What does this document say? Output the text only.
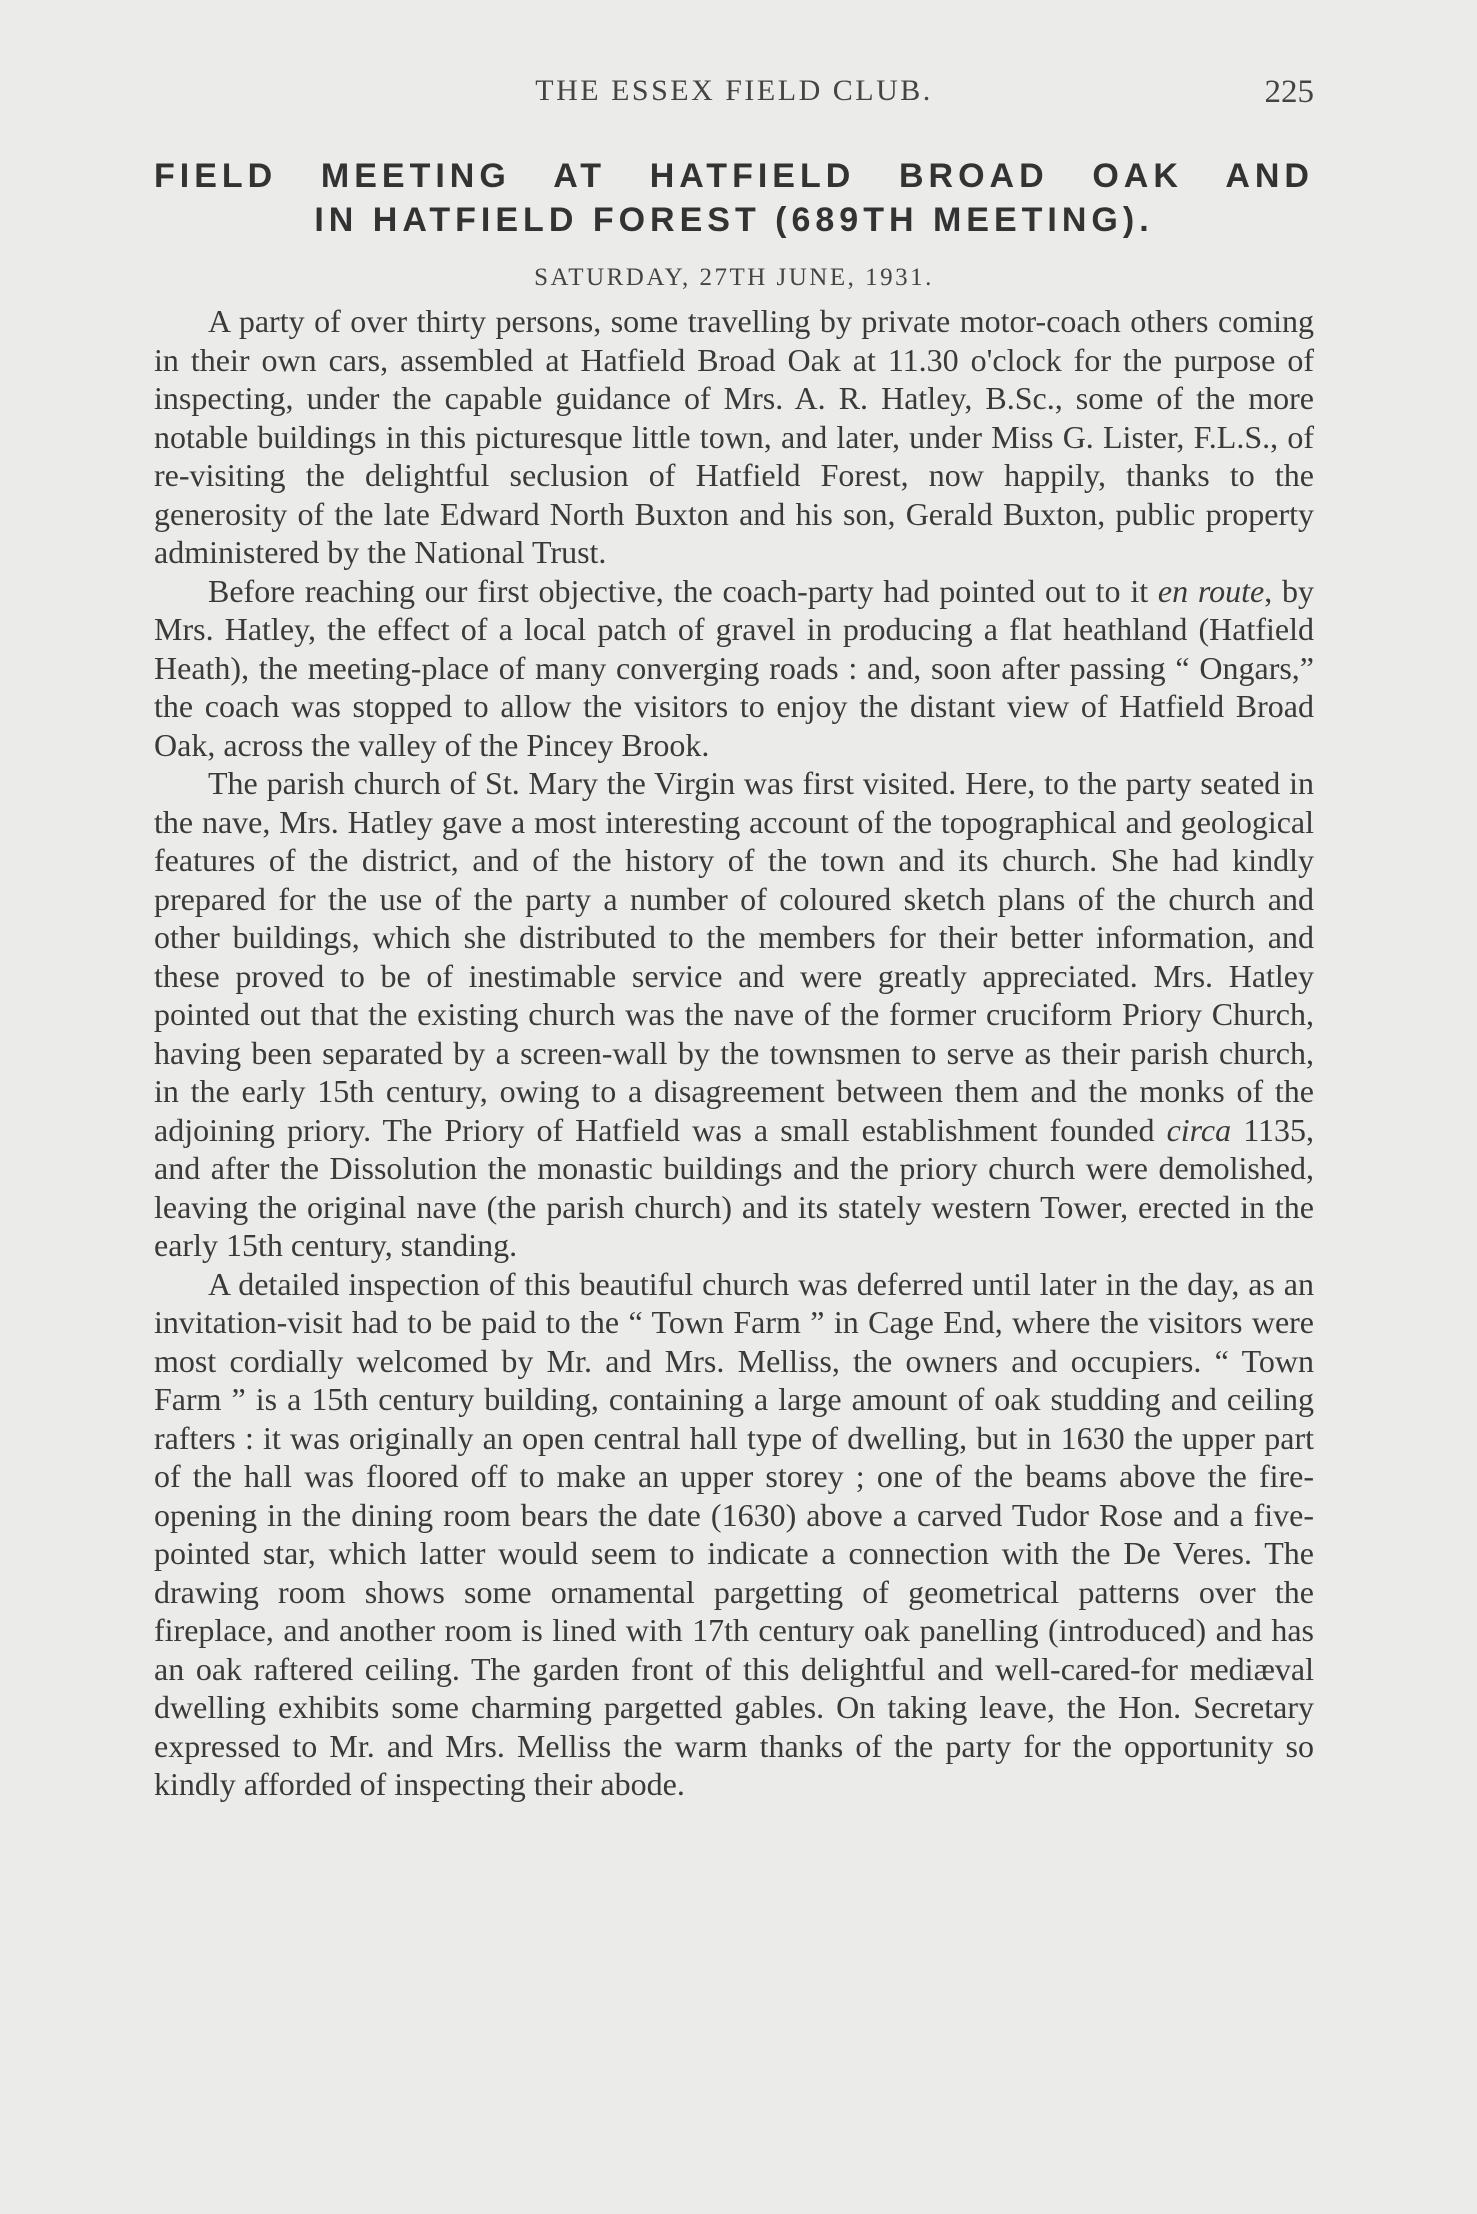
THE ESSEX FIELD CLUB.	225
FIELD MEETING AT HATFIELD BROAD OAK AND
IN HATFIELD FOREST (689TH MEETING).
SATURDAY, 27TH JUNE, 1931.

A party of over thirty persons, some travelling by private motor-coach others coming in their own cars, assembled at Hatfield Broad Oak at 11.30 o'clock for the purpose of inspecting, under the capable guidance of Mrs. A. R. Hatley, B.Sc., some of the more notable buildings in this picturesque little town, and later, under Miss G. Lister, F.L.S., of re-visiting the delightful seclusion of Hatfield Forest, now happily, thanks to the generosity of the late Edward North Buxton and his son, Gerald Buxton, public property administered by the National Trust.

Before reaching our first objective, the coach-party had pointed out to it en route, by Mrs. Hatley, the effect of a local patch of gravel in producing a flat heathland (Hatfield Heath), the meeting-place of many converging roads : and, soon after passing “ Ongars,” the coach was stopped to allow the visitors to enjoy the distant view of Hatfield Broad Oak, across the valley of the Pincey Brook.

The parish church of St. Mary the Virgin was first visited. Here, to the party seated in the nave, Mrs. Hatley gave a most interesting account of the topographical and geological features of the district, and of the history of the town and its church. She had kindly prepared for the use of the party a number of coloured sketch plans of the church and other buildings, which she distributed to the members for their better information, and these proved to be of inestimable service and were greatly appreciated. Mrs. Hatley pointed out that the existing church was the nave of the former cruciform Priory Church, having been separated by a screen-wall by the townsmen to serve as their parish church, in the early 15th century, owing to a disagreement between them and the monks of the adjoining priory. The Priory of Hatfield was a small establishment founded circa 1135, and after the Dissolution the monastic buildings and the priory church were demolished, leaving the original nave (the parish church) and its stately western Tower, erected in the early 15th century, standing.

A detailed inspection of this beautiful church was deferred until later in the day, as an invitation-visit had to be paid to the “ Town Farm ” in Cage End, where the visitors were most cordially welcomed by Mr. and Mrs. Melliss, the owners and occupiers. “ Town Farm ” is a 15th century building, containing a large amount of oak studding and ceiling rafters : it was originally an open central hall type of dwelling, but in 1630 the upper part of the hall was floored off to make an upper storey ; one of the beams above the fire-opening in the dining room bears the date (1630) above a carved Tudor Rose and a five-pointed star, which latter would seem to indicate a connection with the De Veres. The drawing room shows some ornamental pargetting of geometrical patterns over the fireplace, and another room is lined with 17th century oak panelling (introduced) and has an oak raftered ceiling. The garden front of this delightful and well-cared-for mediæval dwelling exhibits some charming pargetted gables. On taking leave, the Hon. Secretary expressed to Mr. and Mrs. Melliss the warm thanks of the party for the opportunity so kindly afforded of inspecting their abode.
